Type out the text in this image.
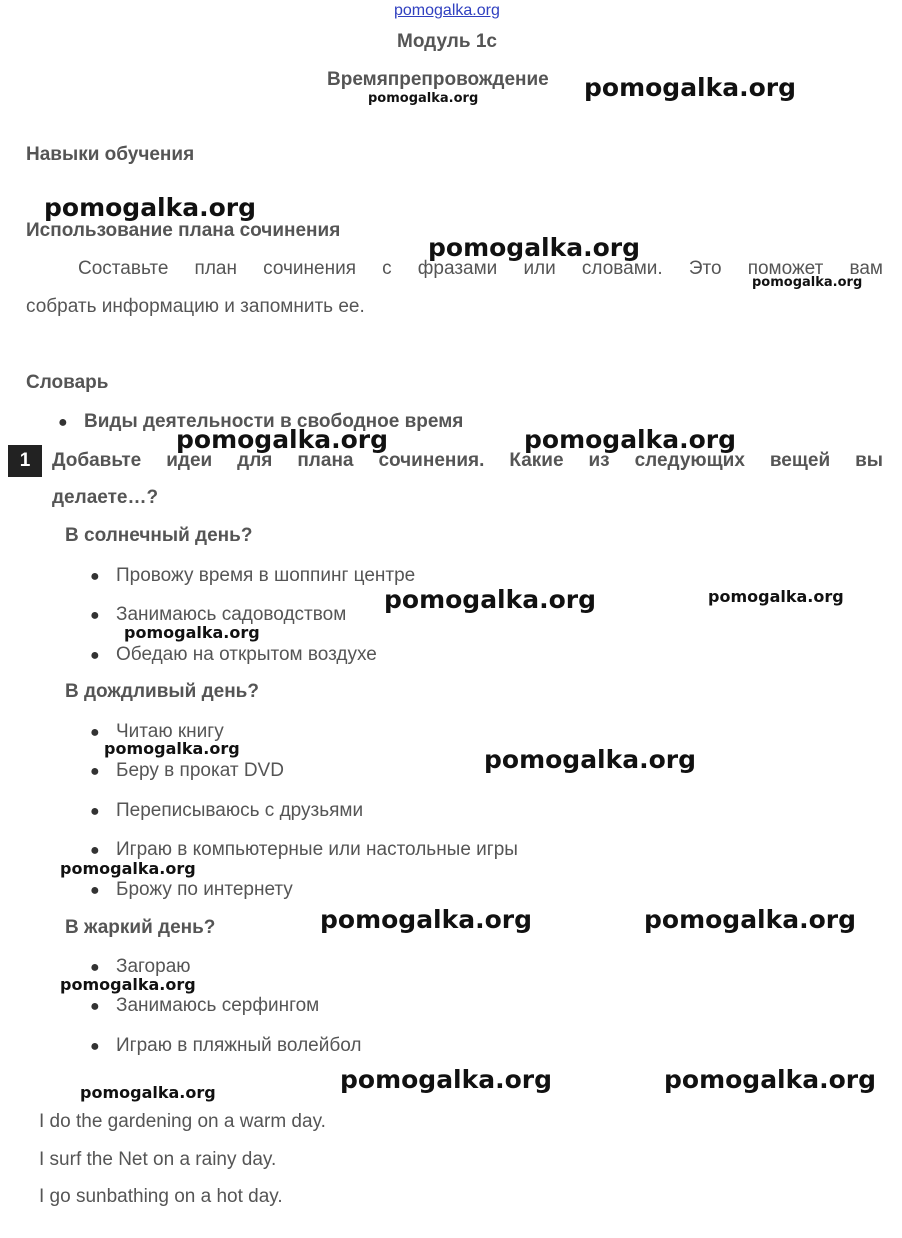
pomogalka.org
Модуль 1с
Времяпрепровождение
Навыки обучения
Использование плана сочинения
Составьте план сочинения с фразами или словами. Это поможет вам
собрать информацию и запомнить ее.
Словарь
● Виды деятельности в свободное время
1	Добавьте идеи для плана сочинения. Какие из следующих вещей вы
делаете…?
В солнечный день?
● Провожу время в шоппинг центре
● Занимаюсь садоводством
● Обедаю на открытом воздухе
В дождливый день?
● Читаю книгу
● Беру в прокат DVD
● Переписываюсь с друзьями
● Играю в компьютерные или настольные игры
● Брожу по интернету
В жаркий день?
● Загораю
● Занимаюсь серфингом
● Играю в пляжный волейбол
I do the gardening on a warm day.
I surf the Net on a rainy day.
I go sunbathing on a hot day.
pomogalka.org
pomogalka.org
pomogalka.org
pomogalka.org
pomogalka.org
pomogalka.org	pomogalka.org
pomogalka.org	pomogalka.org
pomogalka.org
pomogalka.org	pomogalka.org
pomogalka.org
pomogalka.org	pomogalka.org
pomogalka.org
pomogalka.org	pomogalka.org	pomogalka.org
